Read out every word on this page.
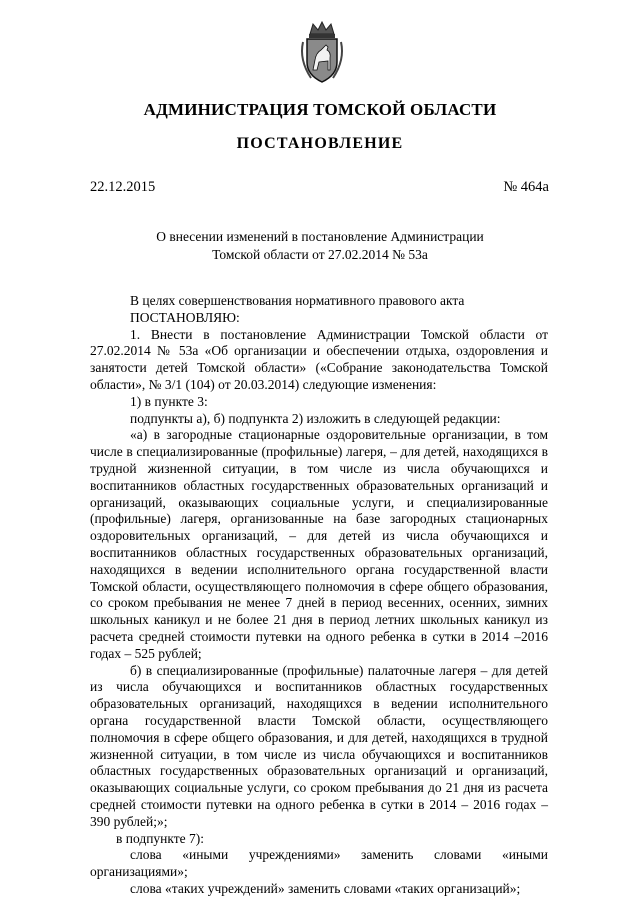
АДМИНИСТРАЦИЯ ТОМСКОЙ ОБЛАСТИ
ПОСТАНОВЛЕНИЕ
22.12.2015	№ 464а
О внесении изменений в постановление Администрации
Томской области от 27.02.2014 № 53а

В целях совершенствования нормативного правового акта

ПОСТАНОВЛЯЮ:

1. Внести в постановление Администрации Томской области от 27.02.2014 № 53а «Об организации и обеспечении отдыха, оздоровления и занятости детей Томской области» («Собрание законодательства Томской области», № 3/1 (104) от 20.03.2014) следующие изменения:

1) в пункте 3:

подпункты а), б) подпункта 2) изложить в следующей редакции:

«а) в загородные стационарные оздоровительные организации, в том числе в специализированные (профильные) лагеря, – для детей, находящихся в трудной жизненной ситуации, в том числе из числа обучающихся и воспитанников областных государственных образовательных организаций и организаций, оказывающих социальные услуги, и специализированные (профильные) лагеря, организованные на базе загородных стационарных оздоровительных организаций, – для детей из числа обучающихся и воспитанников областных государственных образовательных организаций, находящихся в ведении исполнительного органа государственной власти Томской области, осуществляющего полномочия в сфере общего образования, со сроком пребывания не менее 7 дней в период весенних, осенних, зимних школьных каникул и не более 21 дня в период летних школьных каникул из расчета средней стоимости путевки на одного ребенка в сутки в 2014 –2016 годах – 525 рублей;

б) в специализированные (профильные) палаточные лагеря – для детей из числа обучающихся и воспитанников областных государственных образовательных организаций, находящихся в ведении исполнительного органа государственной власти Томской области, осуществляющего полномочия в сфере общего образования, и для детей, находящихся в трудной жизненной ситуации, в том числе из числа обучающихся и воспитанников областных государственных образовательных организаций и организаций, оказывающих социальные услуги, со сроком пребывания до 21 дня из расчета средней стоимости путевки на одного ребенка в сутки в 2014 – 2016 годах – 390 рублей;»;

в подпункте 7):

слова «иными учреждениями» заменить словами «иными организациями»;

слова «таких учреждений» заменить словами «таких организаций»;
